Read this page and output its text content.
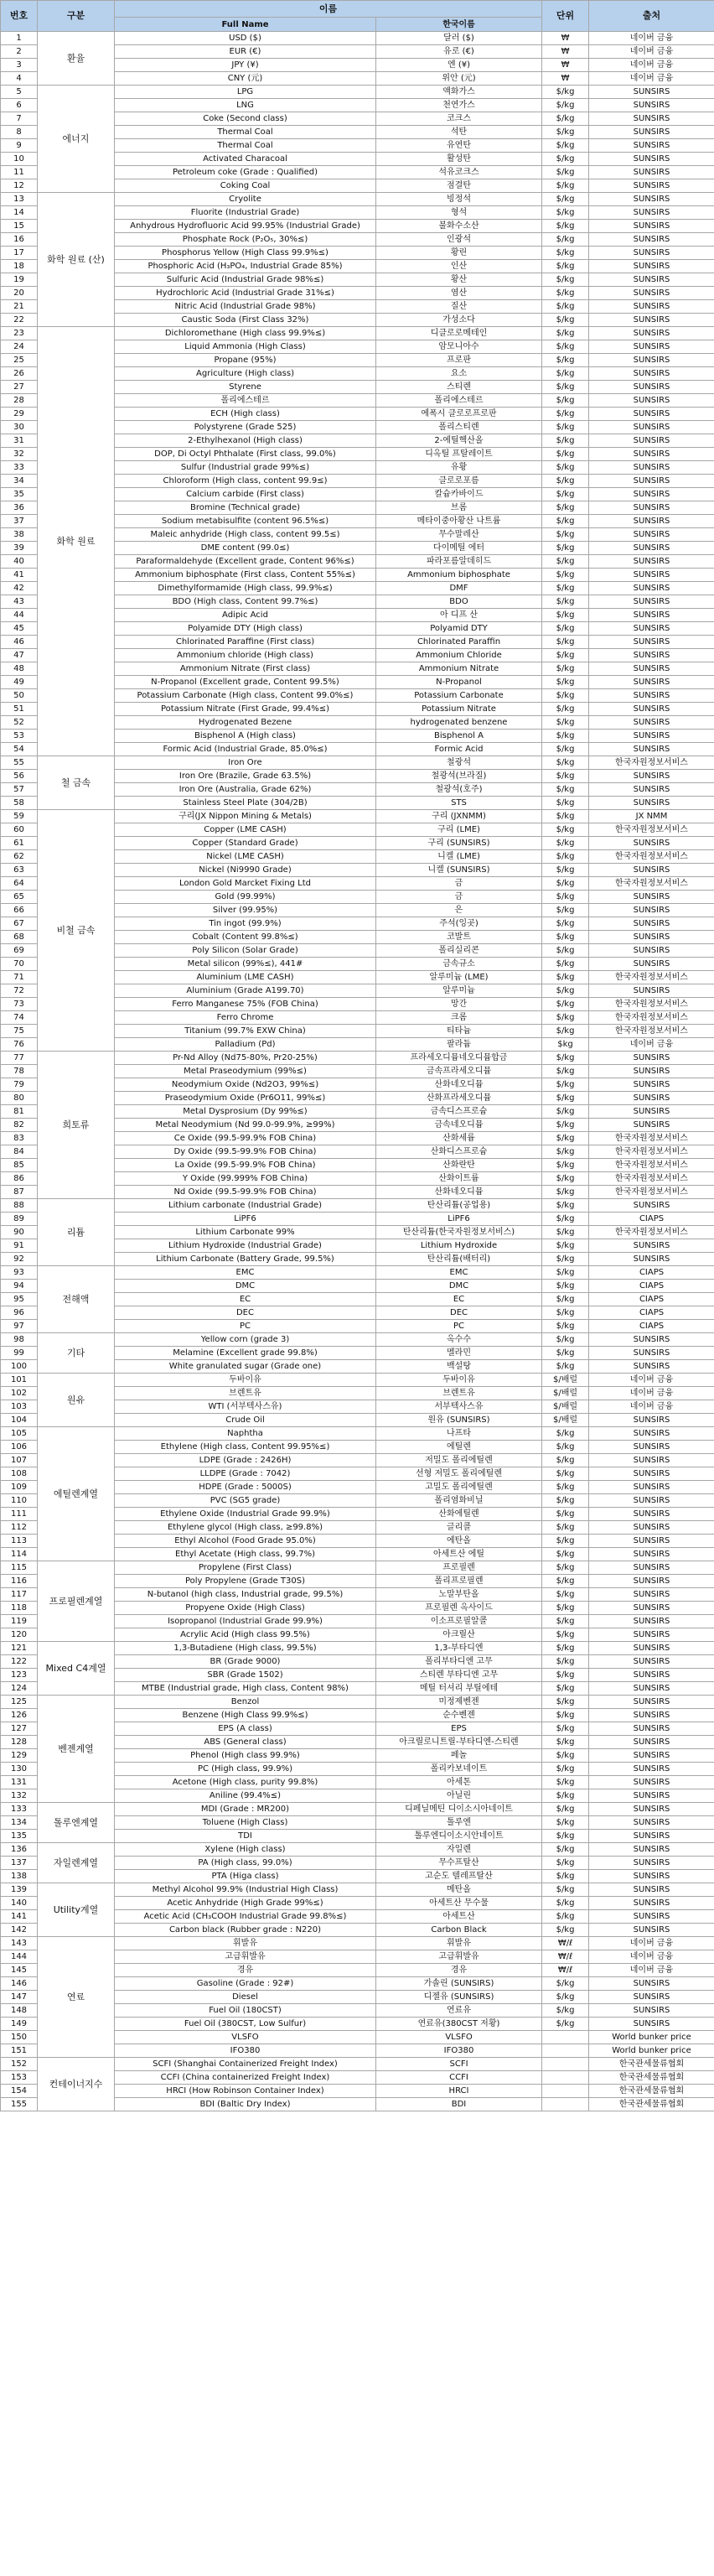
번호	구분	이름		단위	출처
		Full Name	한국이름		
1	환율	USD ($)	달러 ($)	₩	네이버 금융
2		EUR (€)	유로 (€)	₩	네이버 금융
3		JPY (¥)	엔 (¥)	₩	네이버 금융
4		CNY (元)	위안 (元)	₩	네이버 금융
5	에너지	LPG	액화가스	$/kg	SUNSIRS
6		LNG	천연가스	$/kg	SUNSIRS
7		Coke (Second class)	코크스	$/kg	SUNSIRS
8		Thermal Coal	석탄	$/kg	SUNSIRS
9		Thermal Coal	유연탄	$/kg	SUNSIRS
10		Activated Characoal	활성탄	$/kg	SUNSIRS
11		Petroleum coke (Grade : Qualified)	석유코크스	$/kg	SUNSIRS
12		Coking Coal	점결탄	$/kg	SUNSIRS
13	화학 원료 (산)	Cryolite	빙정석	$/kg	SUNSIRS
14		Fluorite (Industrial Grade)	형석	$/kg	SUNSIRS
15		Anhydrous Hydrofluoric Acid 99.95% (Industrial Grade)	불화수소산	$/kg	SUNSIRS
16		Phosphate Rock (P₂O₅, 30%≤)	인광석	$/kg	SUNSIRS
17		Phosphorus Yellow (High Class 99.9%≤)	황린	$/kg	SUNSIRS
18		Phosphoric Acid (H₃PO₄, Industrial Grade 85%)	인산	$/kg	SUNSIRS
19		Sulfuric Acid (Industrial Grade 98%≤)	황산	$/kg	SUNSIRS
20		Hydrochloric Acid (Industrial Grade 31%≤)	염산	$/kg	SUNSIRS
21		Nitric Acid (Industrial Grade 98%)	질산	$/kg	SUNSIRS
22		Caustic Soda (First Class 32%)	가성소다	$/kg	SUNSIRS
23	화학 원료	Dichloromethane (High class 99.9%≤)	디클로로메테인	$/kg	SUNSIRS
24		Liquid Ammonia (High Class)	암모니아수	$/kg	SUNSIRS
25		Propane (95%)	프로판	$/kg	SUNSIRS
26		Agriculture (High class)	요소	$/kg	SUNSIRS
27		Styrene	스티렌	$/kg	SUNSIRS
28		폴리에스테르	폴리에스테르	$/kg	SUNSIRS
29		ECH (High class)	에폭시 클로로프로판	$/kg	SUNSIRS
30		Polystyrene (Grade 525)	폴리스티렌	$/kg	SUNSIRS
31		2-Ethylhexanol (High class)	2-에틸헥산올	$/kg	SUNSIRS
32		DOP, Di Octyl Phthalate (First class, 99.0%)	디옥틸 프탈레이트	$/kg	SUNSIRS
33		Sulfur (Industrial grade 99%≤)	유황	$/kg	SUNSIRS
34		Chloroform (High class, content 99.9≤)	클로로포름	$/kg	SUNSIRS
35		Calcium carbide (First class)	칼슘카바이드	$/kg	SUNSIRS
36		Bromine (Technical grade)	브롬	$/kg	SUNSIRS
37		Sodium metabisulfite (content 96.5%≤)	메타이중아황산 나트륨	$/kg	SUNSIRS
38		Maleic anhydride (High class, content 99.5≤)	무수말레산	$/kg	SUNSIRS
39		DME content (99.0≤)	다이메틸 에터	$/kg	SUNSIRS
40		Paraformaldehyde (Excellent grade, Content 96%≤)	파라포름알데히드	$/kg	SUNSIRS
41		Ammonium biphosphate (First class, Content 55%≤)	Ammonium biphosphate	$/kg	SUNSIRS
42		Dimethylformamide (High class, 99.9%≤)	DMF	$/kg	SUNSIRS
43		BDO (High class, Content 99.7%≤)	BDO	$/kg	SUNSIRS
44		Adipic Acid	아 디프 산	$/kg	SUNSIRS
45		Polyamide DTY (High class)	Polyamid DTY	$/kg	SUNSIRS
46		Chlorinated Paraffine (First class)	Chlorinated Paraffin	$/kg	SUNSIRS
47		Ammonium chloride (High class)	Ammonium Chloride	$/kg	SUNSIRS
48		Ammonium Nitrate (First class)	Ammonium Nitrate	$/kg	SUNSIRS
49		N-Propanol (Excellent grade, Content 99.5%)	N-Propanol	$/kg	SUNSIRS
50		Potassium Carbonate (High class, Content 99.0%≤)	Potassium Carbonate	$/kg	SUNSIRS
51		Potassium Nitrate (First Grade, 99.4%≤)	Potassium Nitrate	$/kg	SUNSIRS
52		Hydrogenated Bezene	hydrogenated benzene	$/kg	SUNSIRS
53		Bisphenol A (High class)	Bisphenol A	$/kg	SUNSIRS
54		Formic Acid (Industrial Grade, 85.0%≤)	Formic Acid	$/kg	SUNSIRS
55	철 금속	Iron Ore	철광석	$/kg	한국자원정보서비스
56		Iron Ore (Brazile, Grade 63.5%)	철광석(브라질)	$/kg	SUNSIRS
57		Iron Ore (Australia, Grade 62%)	철광석(호주)	$/kg	SUNSIRS
58		Stainless Steel Plate (304/2B)	STS	$/kg	SUNSIRS
59	비철 금속	구리(JX Nippon Mining & Metals)	구리 (JXNMM)	$/kg	JX NMM
60		Copper (LME CASH)	구리 (LME)	$/kg	한국자원정보서비스
61		Copper (Standard Grade)	구리 (SUNSIRS)	$/kg	SUNSIRS
62		Nickel (LME CASH)	니켈 (LME)	$/kg	한국자원정보서비스
63		Nickel (Ni9990 Grade)	니켈 (SUNSIRS)	$/kg	SUNSIRS
64		London Gold Marcket Fixing Ltd	금	$/kg	한국자원정보서비스
65		Gold (99.99%)	금	$/kg	SUNSIRS
66		Silver (99.95%)	은	$/kg	SUNSIRS
67		Tin ingot (99.9%)	주석(잉곳)	$/kg	SUNSIRS
68		Cobalt (Content 99.8%≤)	코발트	$/kg	SUNSIRS
69		Poly Silicon (Solar Grade)	폴리실리콘	$/kg	SUNSIRS
70		Metal silicon (99%≤), 441#	금속규소	$/kg	SUNSIRS
71		Aluminium (LME CASH)	알루미늄 (LME)	$/kg	한국자원정보서비스
72		Aluminium (Grade A199.70)	알루미늄	$/kg	SUNSIRS
73		Ferro Manganese 75% (FOB China)	망간	$/kg	한국자원정보서비스
74		Ferro Chrome	크롬	$/kg	한국자원정보서비스
75		Titanium (99.7% EXW China)	티타늄	$/kg	한국자원정보서비스
76		Palladium (Pd)	팔라듐	$kg	네이버 금융
77	희토류	Pr-Nd Alloy (Nd75-80%, Pr20-25%)	프라세오디뮴네오디뮴합금	$/kg	SUNSIRS
78		Metal Praseodymium (99%≤)	금속프라세오디뮴	$/kg	SUNSIRS
79		Neodymium Oxide (Nd2O3, 99%≤)	산화네오디뮴	$/kg	SUNSIRS
80		Praseodymium Oxide (Pr6O11, 99%≤)	산화프라세오디뮴	$/kg	SUNSIRS
81		Metal Dysprosium (Dy 99%≤)	금속디스프로슘	$/kg	SUNSIRS
82		Metal Neodymium (Nd 99.0-99.9%, ≥99%)	금속네오디뮴	$/kg	SUNSIRS
83		Ce Oxide (99.5-99.9% FOB China)	산화세륨	$/kg	한국자원정보서비스
84		Dy Oxide (99.5-99.9% FOB China)	산화디스프로슘	$/kg	한국자원정보서비스
85		La Oxide (99.5-99.9% FOB China)	산화란탄	$/kg	한국자원정보서비스
86		Y Oxide (99.999% FOB China)	산화이트륨	$/kg	한국자원정보서비스
87		Nd Oxide (99.5-99.9% FOB China)	산화네오디뮴	$/kg	한국자원정보서비스
88	리튬	Lithium carbonate (Industrial Grade)	탄산리튬(공업용)	$/kg	SUNSIRS
89		LiPF6	LiPF6	$/kg	CIAPS
90		Lithium Carbonate 99%	탄산리튬(한국자원정보서비스)	$/kg	한국자원정보서비스
91		Lithium Hydroxide (Industrial Grade)	Lithium Hydroxide	$/kg	SUNSIRS
92		Lithium Carbonate (Battery Grade, 99.5%)	탄산리튬(배터리)	$/kg	SUNSIRS
93	전해액	EMC	EMC	$/kg	CIAPS
94		DMC	DMC	$/kg	CIAPS
95		EC	EC	$/kg	CIAPS
96		DEC	DEC	$/kg	CIAPS
97		PC	PC	$/kg	CIAPS
98	기타	Yellow corn (grade 3)	옥수수	$/kg	SUNSIRS
99		Melamine (Excellent grade 99.8%)	멜라민	$/kg	SUNSIRS
100		White granulated sugar (Grade one)	백설탕	$/kg	SUNSIRS
101	원유	두바이유	두바이유	$/배럴	네이버 금융
102		브렌트유	브렌트유	$/배럴	네이버 금융
103		WTI (서부텍사스유)	서부텍사스유	$/배럴	네이버 금융
104		Crude Oil	원유 (SUNSIRS)	$/배럴	SUNSIRS
105	에틸렌계열	Naphtha	나프타	$/kg	SUNSIRS
106		Ethylene (High class, Content 99.95%≤)	에틸렌	$/kg	SUNSIRS
107		LDPE (Grade : 2426H)	저밀도 폴리에틸렌	$/kg	SUNSIRS
108		LLDPE (Grade : 7042)	선형 저밀도 폴리에틸렌	$/kg	SUNSIRS
109		HDPE (Grade : 5000S)	고밀도 폴리에틸렌	$/kg	SUNSIRS
110		PVC (SG5 grade)	폴리염화비닐	$/kg	SUNSIRS
111		Ethylene Oxide (Industrial Grade 99.9%)	산화에틸렌	$/kg	SUNSIRS
112		Ethylene glycol (High class, ≥99.8%)	글리콜	$/kg	SUNSIRS
113		Ethyl Alcohol (Food Grade 95.0%)	에탄올	$/kg	SUNSIRS
114		Ethyl Acetate (High class, 99.7%)	아세트산 에틸	$/kg	SUNSIRS
115	프로필렌계열	Propylene (First Class)	프로필렌	$/kg	SUNSIRS
116		Poly Propylene (Grade T30S)	폴리프로필렌	$/kg	SUNSIRS
117		N-butanol (high class, Industrial grade, 99.5%)	노말부탄올	$/kg	SUNSIRS
118		Propyene Oxide (High Class)	프로필렌 옥사이드	$/kg	SUNSIRS
119		Isopropanol (Industrial Grade 99.9%)	이소프로필알콜	$/kg	SUNSIRS
120		Acrylic Acid (High class 99.5%)	아크릴산	$/kg	SUNSIRS
121	Mixed C4계열	1,3-Butadiene (High class, 99.5%)	1,3-부타디엔	$/kg	SUNSIRS
122		BR (Grade 9000)	폴리부타디엔 고무	$/kg	SUNSIRS
123		SBR (Grade 1502)	스티렌 부타디엔 고무	$/kg	SUNSIRS
124		MTBE (Industrial grade, High class, Content 98%)	메틸 터셔리 부틸에테	$/kg	SUNSIRS
125	벤젠계열	Benzol	미정제벤젠	$/kg	SUNSIRS
126		Benzene (High Class 99.9%≤)	순수벤젠	$/kg	SUNSIRS
127		EPS (A class)	EPS	$/kg	SUNSIRS
128		ABS (General class)	아크릴로니트릴-부타디엔-스티렌	$/kg	SUNSIRS
129		Phenol (High class 99.9%)	페놀	$/kg	SUNSIRS
130		PC (High class, 99.9%)	폴리카보네이트	$/kg	SUNSIRS
131		Acetone (High class, purity 99.8%)	아세톤	$/kg	SUNSIRS
132		Aniline (99.4%≤)	아닐린	$/kg	SUNSIRS
133	톨루엔계열	MDI (Grade : MR200)	디페닐메틴 디이소시아네이트	$/kg	SUNSIRS
134		Toluene (High Class)	톨루엔	$/kg	SUNSIRS
135		TDI	톨루엔디이소시안네이트	$/kg	SUNSIRS
136	자일렌계열	Xylene (High class)	자일렌	$/kg	SUNSIRS
137		PA (High class, 99.0%)	무수프탈산	$/kg	SUNSIRS
138		PTA (Higa class)	고순도 텔레프탈산	$/kg	SUNSIRS
139	Utility계열	Methyl Alcohol 99.9% (Industrial High Class)	메탄올	$/kg	SUNSIRS
140		Acetic Anhydride (High Grade 99%≤)	아세트산 무수물	$/kg	SUNSIRS
141		Acetic Acid (CH₃COOH Industrial Grade 99.8%≤)	아세트산	$/kg	SUNSIRS
142		Carbon black (Rubber grade : N220)	Carbon Black	$/kg	SUNSIRS
143	연료	휘발유	휘발유	₩/ℓ	네이버 금융
144		고급휘발유	고급휘발유	₩/ℓ	네이버 금융
145		경유	경유	₩/ℓ	네이버 금융
146		Gasoline (Grade : 92#)	가솔린 (SUNSIRS)	$/kg	SUNSIRS
147		Diesel	디젤유 (SUNSIRS)	$/kg	SUNSIRS
148		Fuel Oil (180CST)	연료유	$/kg	SUNSIRS
149		Fuel Oil (380CST, Low Sulfur)	연료유(380CST 저황)	$/kg	SUNSIRS
150		VLSFO	VLSFO		World bunker price
151		IFO380	IFO380		World bunker price
152	컨테이너지수	SCFI (Shanghai Containerized Freight Index)	SCFI		한국관세물류협회
153		CCFI (China containerized Freight Index)	CCFI		한국관세물류협회
154		HRCI (How Robinson Container Index)	HRCI		한국관세물류협회
155		BDI (Baltic Dry Index)	BDI		한국관세물류협회
